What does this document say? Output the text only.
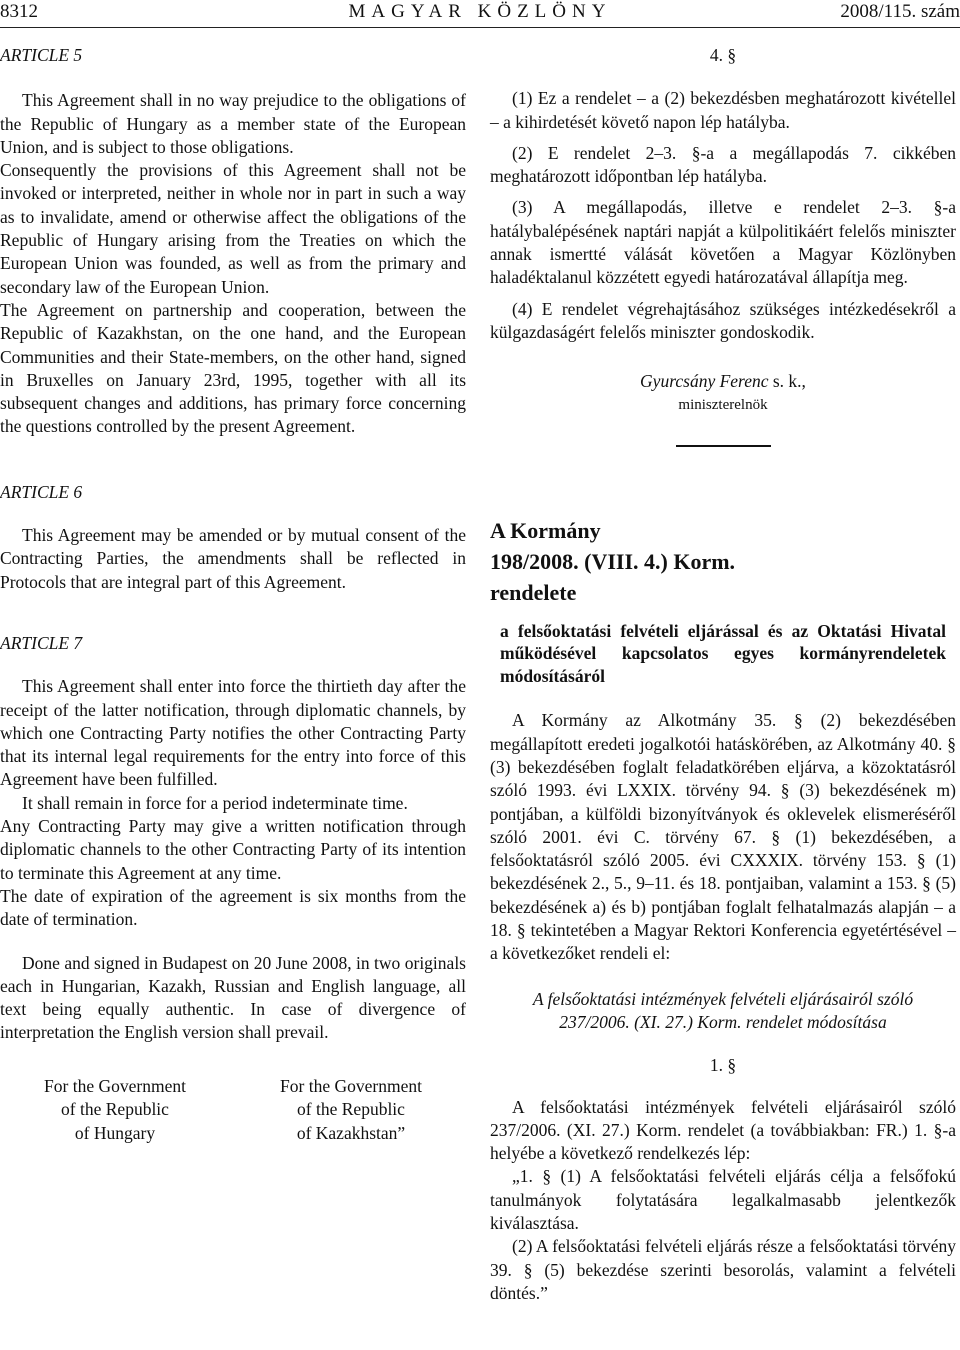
8312	MAGYAR KÖZLÖNY	2008/115. szám

ARTICLE 5

This Agreement shall in no way prejudice to the obligations of the Republic of Hungary as a member state of the European Union, and is subject to those obligations.

Consequently the provisions of this Agreement shall not be invoked or interpreted, neither in whole nor in part in such a way as to invalidate, amend or otherwise affect the obligations of the Republic of Hungary arising from the Treaties on which the European Union was founded, as well as from the primary and secondary law of the European Union.

The Agreement on partnership and cooperation, between the Republic of Kazakhstan, on the one hand, and the European Communities and their State-members, on the other hand, signed in Bruxelles on January 23rd, 1995, together with all its subsequent changes and additions, has primary force concerning the questions controlled by the present Agreement.

ARTICLE 6

This Agreement may be amended or by mutual consent of the Contracting Parties, the amendments shall be reflected in Protocols that are integral part of this Agreement.

ARTICLE 7

This Agreement shall enter into force the thirtieth day after the receipt of the latter notification, through diplomatic channels, by which one Contracting Party notifies the other Contracting Party that its internal legal requirements for the entry into force of this Agreement have been fulfilled.

It shall remain in force for a period indeterminate time.

Any Contracting Party may give a written notification through diplomatic channels to the other Contracting Party of its intention to terminate this Agreement at any time.

The date of expiration of the agreement is six months from the date of termination.

Done and signed in Budapest on 20 June 2008, in two originals each in Hungarian, Kazakh, Russian and English language, all text being equally authentic. In case of divergence of interpretation the English version shall prevail.

For the Government
of the Republic
of Hungary
For the Government
of the Republic
of Kazakhstan”

4. §

(1) Ez a rendelet – a (2) bekezdésben meghatározott kivétellel – a kihirdetését követő napon lép hatályba.

(2) E rendelet 2–3. §-a a megállapodás 7. cikkében meghatározott időpontban lép hatályba.

(3) A megállapodás, illetve e rendelet 2–3. §-a hatálybalépésének naptári napját a külpolitikáért felelős miniszter annak ismertté válását követően a Magyar Közlönyben haladéktalanul közzétett egyedi határozatával állapítja meg.

(4) E rendelet végrehajtásához szükséges intézkedésekről a külgazdaságért felelős miniszter gondoskodik.

Gyurcsány Ferenc s. k.,

miniszterelnök

A Kormány

198/2008. (VIII. 4.) Korm.

rendelete

a felsőoktatási felvételi eljárással és az Oktatási Hivatal működésével kapcsolatos egyes kormányrendeletek módosításáról

A Kormány az Alkotmány 35. § (2) bekezdésében megállapított eredeti jogalkotói hatáskörében, az Alkotmány 40. § (3) bekezdésében foglalt feladatkörében eljárva, a közoktatásról szóló 1993. évi LXXIX. törvény 94. § (3) bekezdésének m) pontjában, a külföldi bizonyítványok és oklevelek elismeréséről szóló 2001. évi C. törvény 67. § (1) bekezdésében, a felsőoktatásról szóló 2005. évi CXXXIX. törvény 153. § (1) bekezdésének 2., 5., 9–11. és 18. pontjaiban, valamint a 153. § (5) bekezdésének a) és b) pontjában foglalt felhatalmazás alapján – a 18. § tekintetében a Magyar Rektori Konferencia egyetértésével – a következőket rendeli el:

A felsőoktatási intézmények felvételi eljárásairól szóló 237/2006. (XI. 27.) Korm. rendelet módosítása

1. §

A felsőoktatási intézmények felvételi eljárásairól szóló 237/2006. (XI. 27.) Korm. rendelet (a továbbiakban: FR.) 1. §-a helyébe a következő rendelkezés lép:

„1. § (1) A felsőoktatási felvételi eljárás célja a felsőfokú tanulmányok folytatására legalkalmasabb jelentkezők kiválasztása.

(2) A felsőoktatási felvételi eljárás része a felsőoktatási törvény 39. § (5) bekezdése szerinti besorolás, valamint a felvételi döntés.”
